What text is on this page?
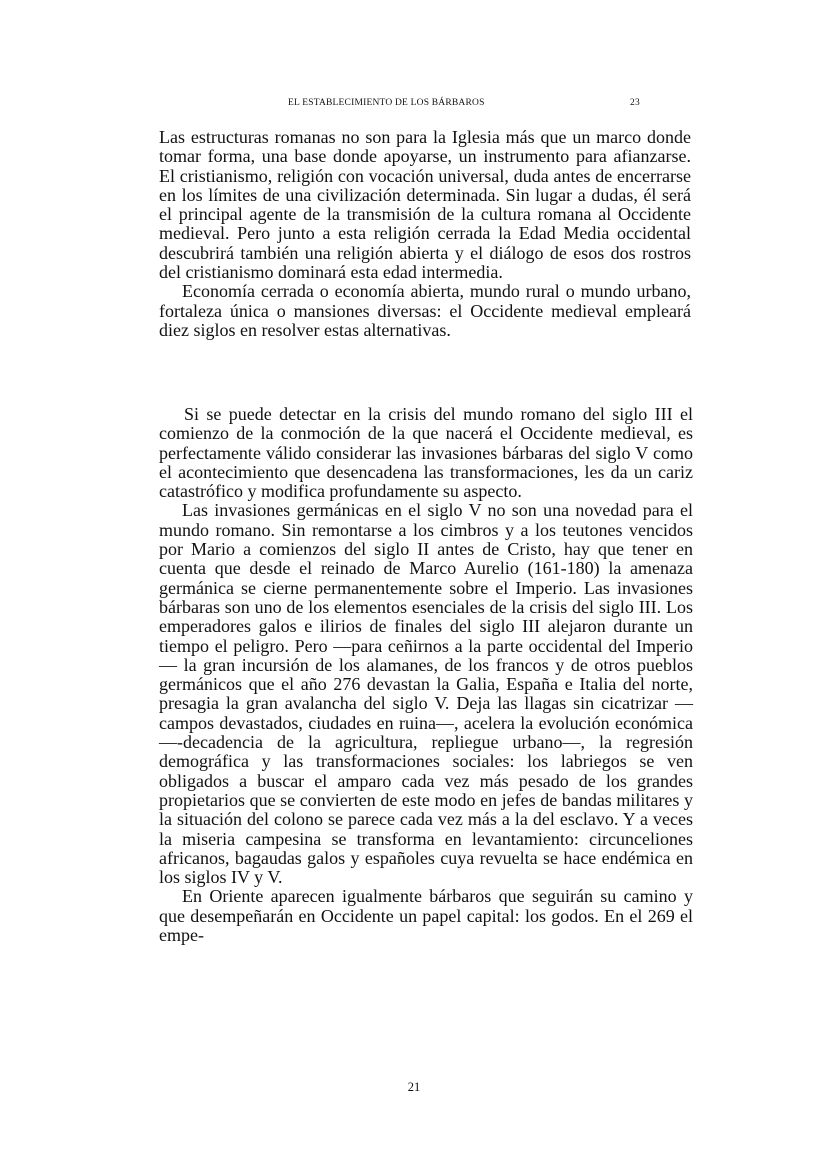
EL ESTABLECIMIENTO DE LOS BÁRBAROS	23

Las estructuras romanas no son para la Iglesia más que un marco donde tomar forma, una base donde apoyarse, un instrumento para afianzarse. El cristianismo, religión con vocación universal, duda antes de encerrarse en los límites de una civilización determinada. Sin lugar a dudas, él será el principal agente de la transmisión de la cultura romana al Occidente medieval. Pero junto a esta religión cerrada la Edad Media occidental descubrirá también una religión abierta y el diálogo de esos dos rostros del cristianismo dominará esta edad intermedia.

Economía cerrada o economía abierta, mundo rural o mundo urbano, fortaleza única o mansiones diversas: el Occidente medieval empleará diez siglos en resolver estas alternativas.

Si se puede detectar en la crisis del mundo romano del siglo III el comienzo de la conmoción de la que nacerá el Occidente medieval, es perfectamente válido considerar las invasiones bárbaras del siglo V como el acontecimiento que desencadena las transformaciones, les da un cariz catastrófico y modifica profundamente su aspecto.

Las invasiones germánicas en el siglo V no son una novedad para el mundo romano. Sin remontarse a los cimbros y a los teutones vencidos por Mario a comienzos del siglo II antes de Cristo, hay que tener en cuenta que desde el reinado de Marco Aurelio (161-180) la amenaza germánica se cierne permanentemente sobre el Imperio. Las invasiones bárbaras son uno de los elementos esenciales de la crisis del siglo III. Los emperadores galos e ilirios de finales del siglo III alejaron durante un tiempo el peligro. Pero —para ceñirnos a la parte occidental del Imperio— la gran incursión de los alamanes, de los francos y de otros pueblos germánicos que el año 276 devastan la Galia, España e Italia del norte, presagia la gran avalancha del siglo V. Deja las llagas sin cicatrizar —campos devastados, ciudades en ruina—, acelera la evolución económica —-decadencia de la agricultura, repliegue urbano—, la regresión demográfica y las transformaciones sociales: los labriegos se ven obligados a buscar el amparo cada vez más pesado de los grandes propietarios que se convierten de este modo en jefes de bandas militares y la situación del colono se parece cada vez más a la del esclavo. Y a veces la miseria campesina se transforma en levantamiento: circunceliones africanos, bagaudas galos y españoles cuya revuelta se hace endémica en los siglos IV y V.

En Oriente aparecen igualmente bárbaros que seguirán su camino y que desempeñarán en Occidente un papel capital: los godos. En el 269 el empe-

21
